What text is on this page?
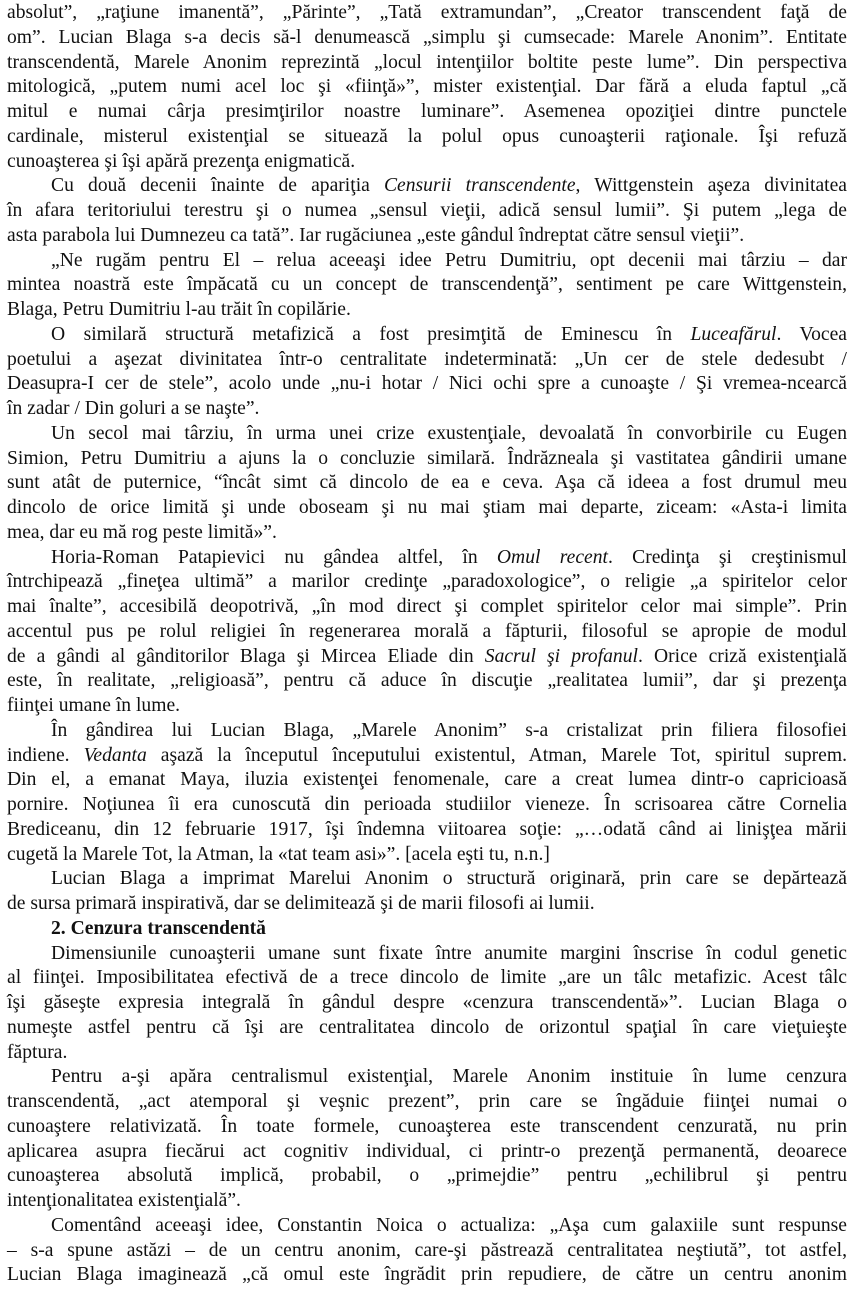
absolut”, „raţiune imanentă”, „Părinte”, „Tată extramundan”, „Creator transcendent faţă de
om”. Lucian Blaga s-a decis să-l denumească „simplu şi cumsecade: Marele Anonim”. Entitate
transcendentă, Marele Anonim reprezintă „locul intenţiilor boltite peste lume”. Din perspectiva
mitologică, „putem numi acel loc şi «fiinţă»”, mister existenţial. Dar fără a eluda faptul „că
mitul e numai cârja presimţirilor noastre luminare”. Asemenea opoziţiei dintre punctele
cardinale, misterul existenţial se situează la polul opus cunoaşterii raţionale. Îşi refuză
cunoaşterea şi îşi apără prezenţa enigmatică.
Cu două decenii înainte de apariţia Censurii transcendente, Wittgenstein aşeza divinitatea
în afara teritoriului terestru şi o numea „sensul vieţii, adică sensul lumii”. Şi putem „lega de
asta parabola lui Dumnezeu ca tată”. Iar rugăciunea „este gândul îndreptat către sensul vieţii”.
„Ne rugăm pentru El – relua aceeaşi idee Petru Dumitriu, opt decenii mai târziu – dar
mintea noastră este împăcată cu un concept de transcendenţă”, sentiment pe care Wittgenstein,
Blaga, Petru Dumitriu l-au trăit în copilărie.
O similară structură metafizică a fost presimţită de Eminescu în Luceafărul. Vocea
poetului a aşezat divinitatea într-o centralitate indeterminată: „Un cer de stele dedesubt /
Deasupra-I cer de stele”, acolo unde „nu-i hotar / Nici ochi spre a cunoaşte / Şi vremea-ncearcă
în zadar / Din goluri a se naşte”.
Un secol mai târziu, în urma unei crize exustenţiale, devoalată în convorbirile cu Eugen
Simion, Petru Dumitriu a ajuns la o concluzie similară. Îndrăzneala şi vastitatea gândirii umane
sunt atât de puternice, “încât simt că dincolo de ea e ceva. Aşa că ideea a fost drumul meu
dincolo de orice limită şi unde oboseam şi nu mai ştiam mai departe, ziceam: «Asta-i limita
mea, dar eu mă rog peste limită»”.
Horia-Roman Patapievici nu gândea altfel, în Omul recent. Credinţa şi creştinismul
întrchipează „fineţea ultimă” a marilor credinţe „paradoxologice”, o religie „a spiritelor celor
mai înalte”, accesibilă deopotrivă, „în mod direct şi complet spiritelor celor mai simple”. Prin
accentul pus pe rolul religiei în regenerarea morală a făpturii, filosoful se apropie de modul
de a gândi al gânditorilor Blaga şi Mircea Eliade din Sacrul şi profanul. Orice criză existenţială
este, în realitate, „religioasă”, pentru că aduce în discuţie „realitatea lumii”, dar şi prezenţa
fiinţei umane în lume.
În gândirea lui Lucian Blaga, „Marele Anonim” s-a cristalizat prin filiera filosofiei
indiene. Vedanta aşază la începutul începutului existentul, Atman, Marele Tot, spiritul suprem.
Din el, a emanat Maya, iluzia existenţei fenomenale, care a creat lumea dintr-o capricioasă
pornire. Noţiunea îi era cunoscută din perioada studiilor vieneze. În scrisoarea către Cornelia
Brediceanu, din 12 februarie 1917, îşi îndemna viitoarea soţie: „…odată când ai linişţea mării
cugetă la Marele Tot, la Atman, la «tat team asi»”. [acela eşti tu, n.n.]
Lucian Blaga a imprimat Marelui Anonim o structură originară, prin care se depărtează
de sursa primară inspirativă, dar se delimitează şi de marii filosofi ai lumii.
2. Cenzura transcendentă
Dimensiunile cunoaşterii umane sunt fixate între anumite margini înscrise în codul genetic
al fiinţei. Imposibilitatea efectivă de a trece dincolo de limite „are un tâlc metafizic. Acest tâlc
îşi găseşte expresia integrală în gândul despre «cenzura transcendentă»”. Lucian Blaga o
numeşte astfel pentru că îşi are centralitatea dincolo de orizontul spaţial în care vieţuieşte
făptura.
Pentru a-şi apăra centralismul existenţial, Marele Anonim instituie în lume cenzura
transcendentă, „act atemporal şi veşnic prezent”, prin care se îngăduie fiinţei numai o
cunoaştere relativizată. În toate formele, cunoaşterea este transcendent cenzurată, nu prin
aplicarea asupra fiecărui act cognitiv individual, ci printr-o prezenţă permanentă, deoarece
cunoaşterea absolută implică, probabil, o „primejdie” pentru „echilibrul şi pentru
intenţionalitatea existenţială”.
Comentând aceeaşi idee, Constantin Noica o actualiza: „Aşa cum galaxiile sunt respunse
– s-a spune astăzi – de un centru anonim, care-şi păstrează centralitatea neştiută”, tot astfel,
Lucian Blaga imaginează „că omul este îngrădit prin repudiere, de către un centru anonim
